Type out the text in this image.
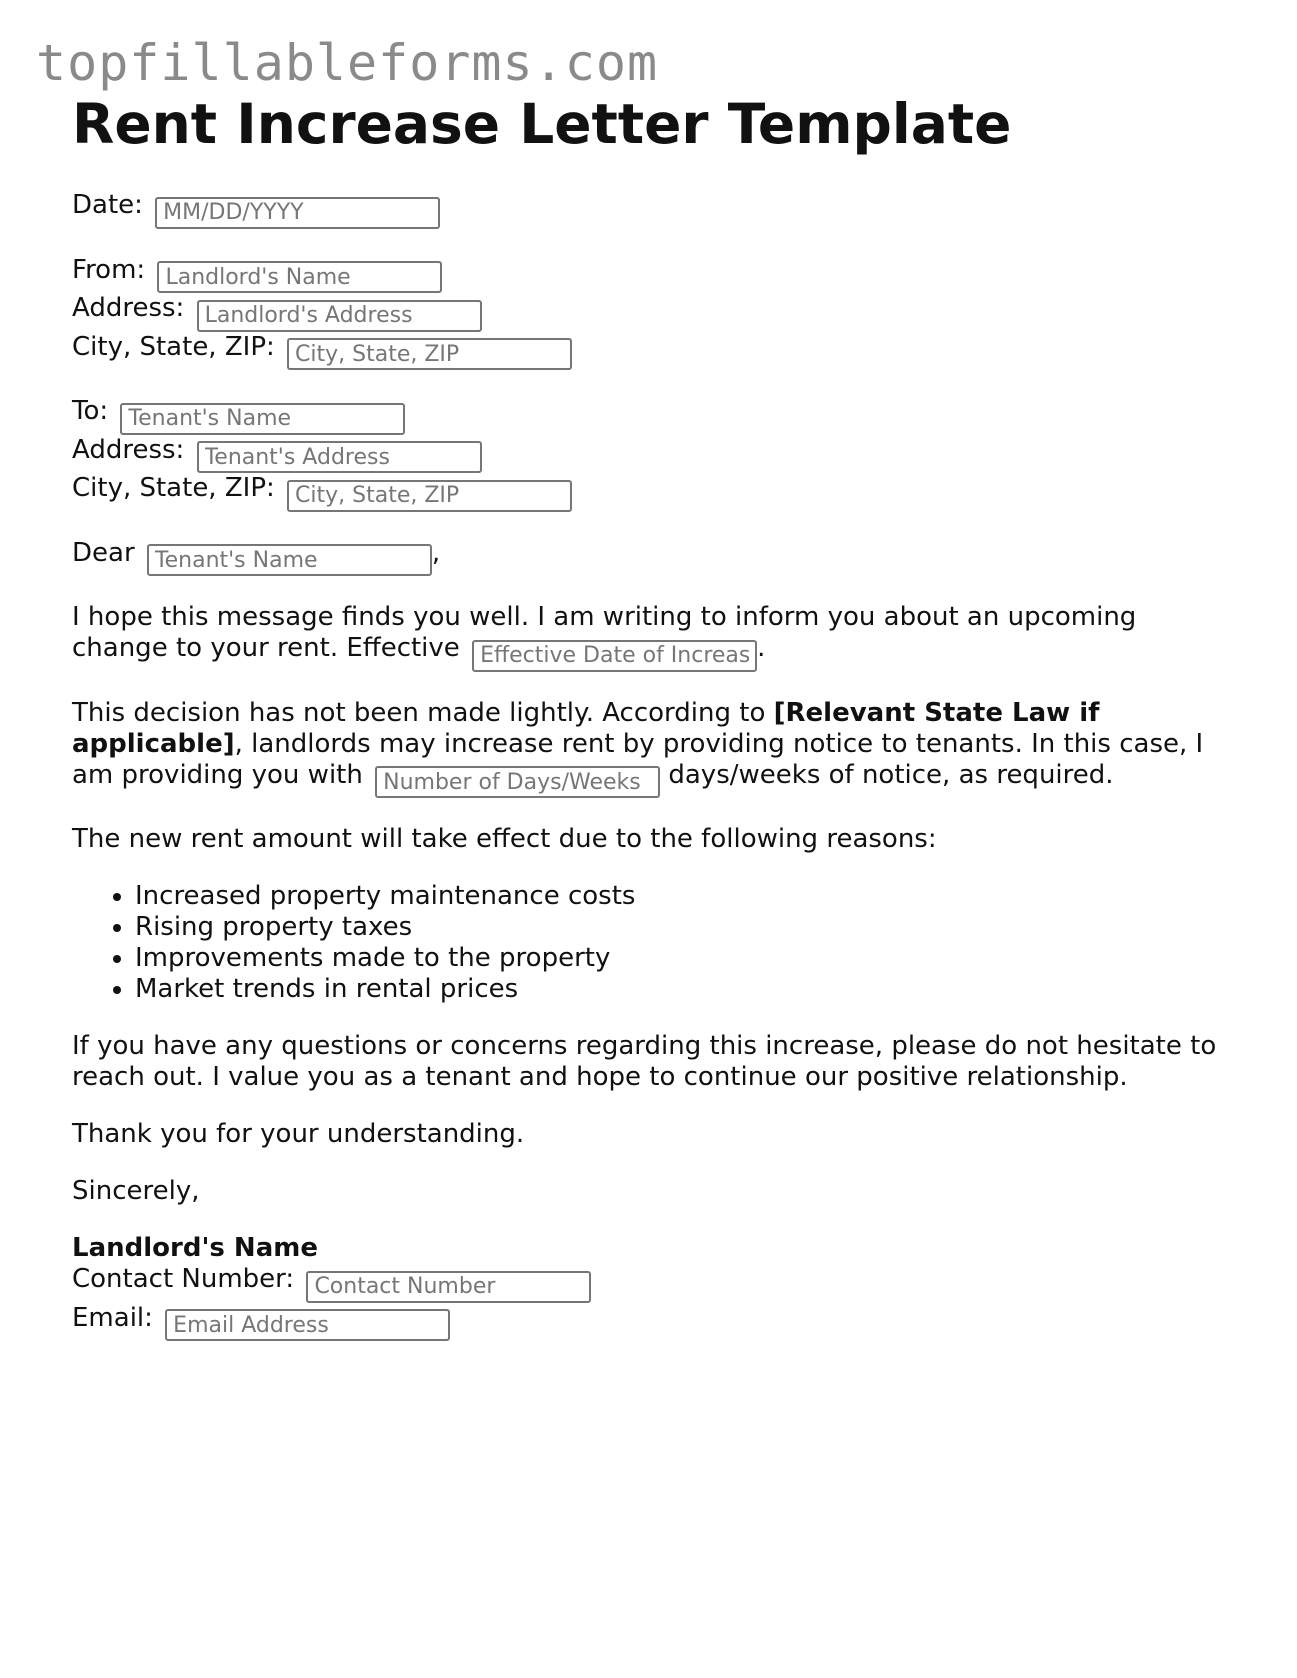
topfillableforms.com
Rent Increase Letter Template
Date: MM/DD/YYYY
From: Landlord's Name
Address: Landlord's Address
City, State, ZIP: City, State, ZIP
To: Tenant's Name
Address: Tenant's Address
City, State, ZIP: City, State, ZIP
Dear Tenant's Name	,

I hope this message finds you well. I am writing to inform you about an upcoming change to your rent. Effective Effective Date of Increase	.

This decision has not been made lightly. According to [Relevant State Law if applicable], landlords may increase rent by providing notice to tenants. In this case, I am providing you with Number of Days/Weeks	days/weeks of notice, as required.

The new rent amount will take effect due to the following reasons:

• Increased property maintenance costs
• Rising property taxes
• Improvements made to the property
• Market trends in rental prices

If you have any questions or concerns regarding this increase, please do not hesitate to reach out. I value you as a tenant and hope to continue our positive relationship.

Thank you for your understanding.

Sincerely,

Landlord's Name
Contact Number: Contact Number
Email: Email Address
